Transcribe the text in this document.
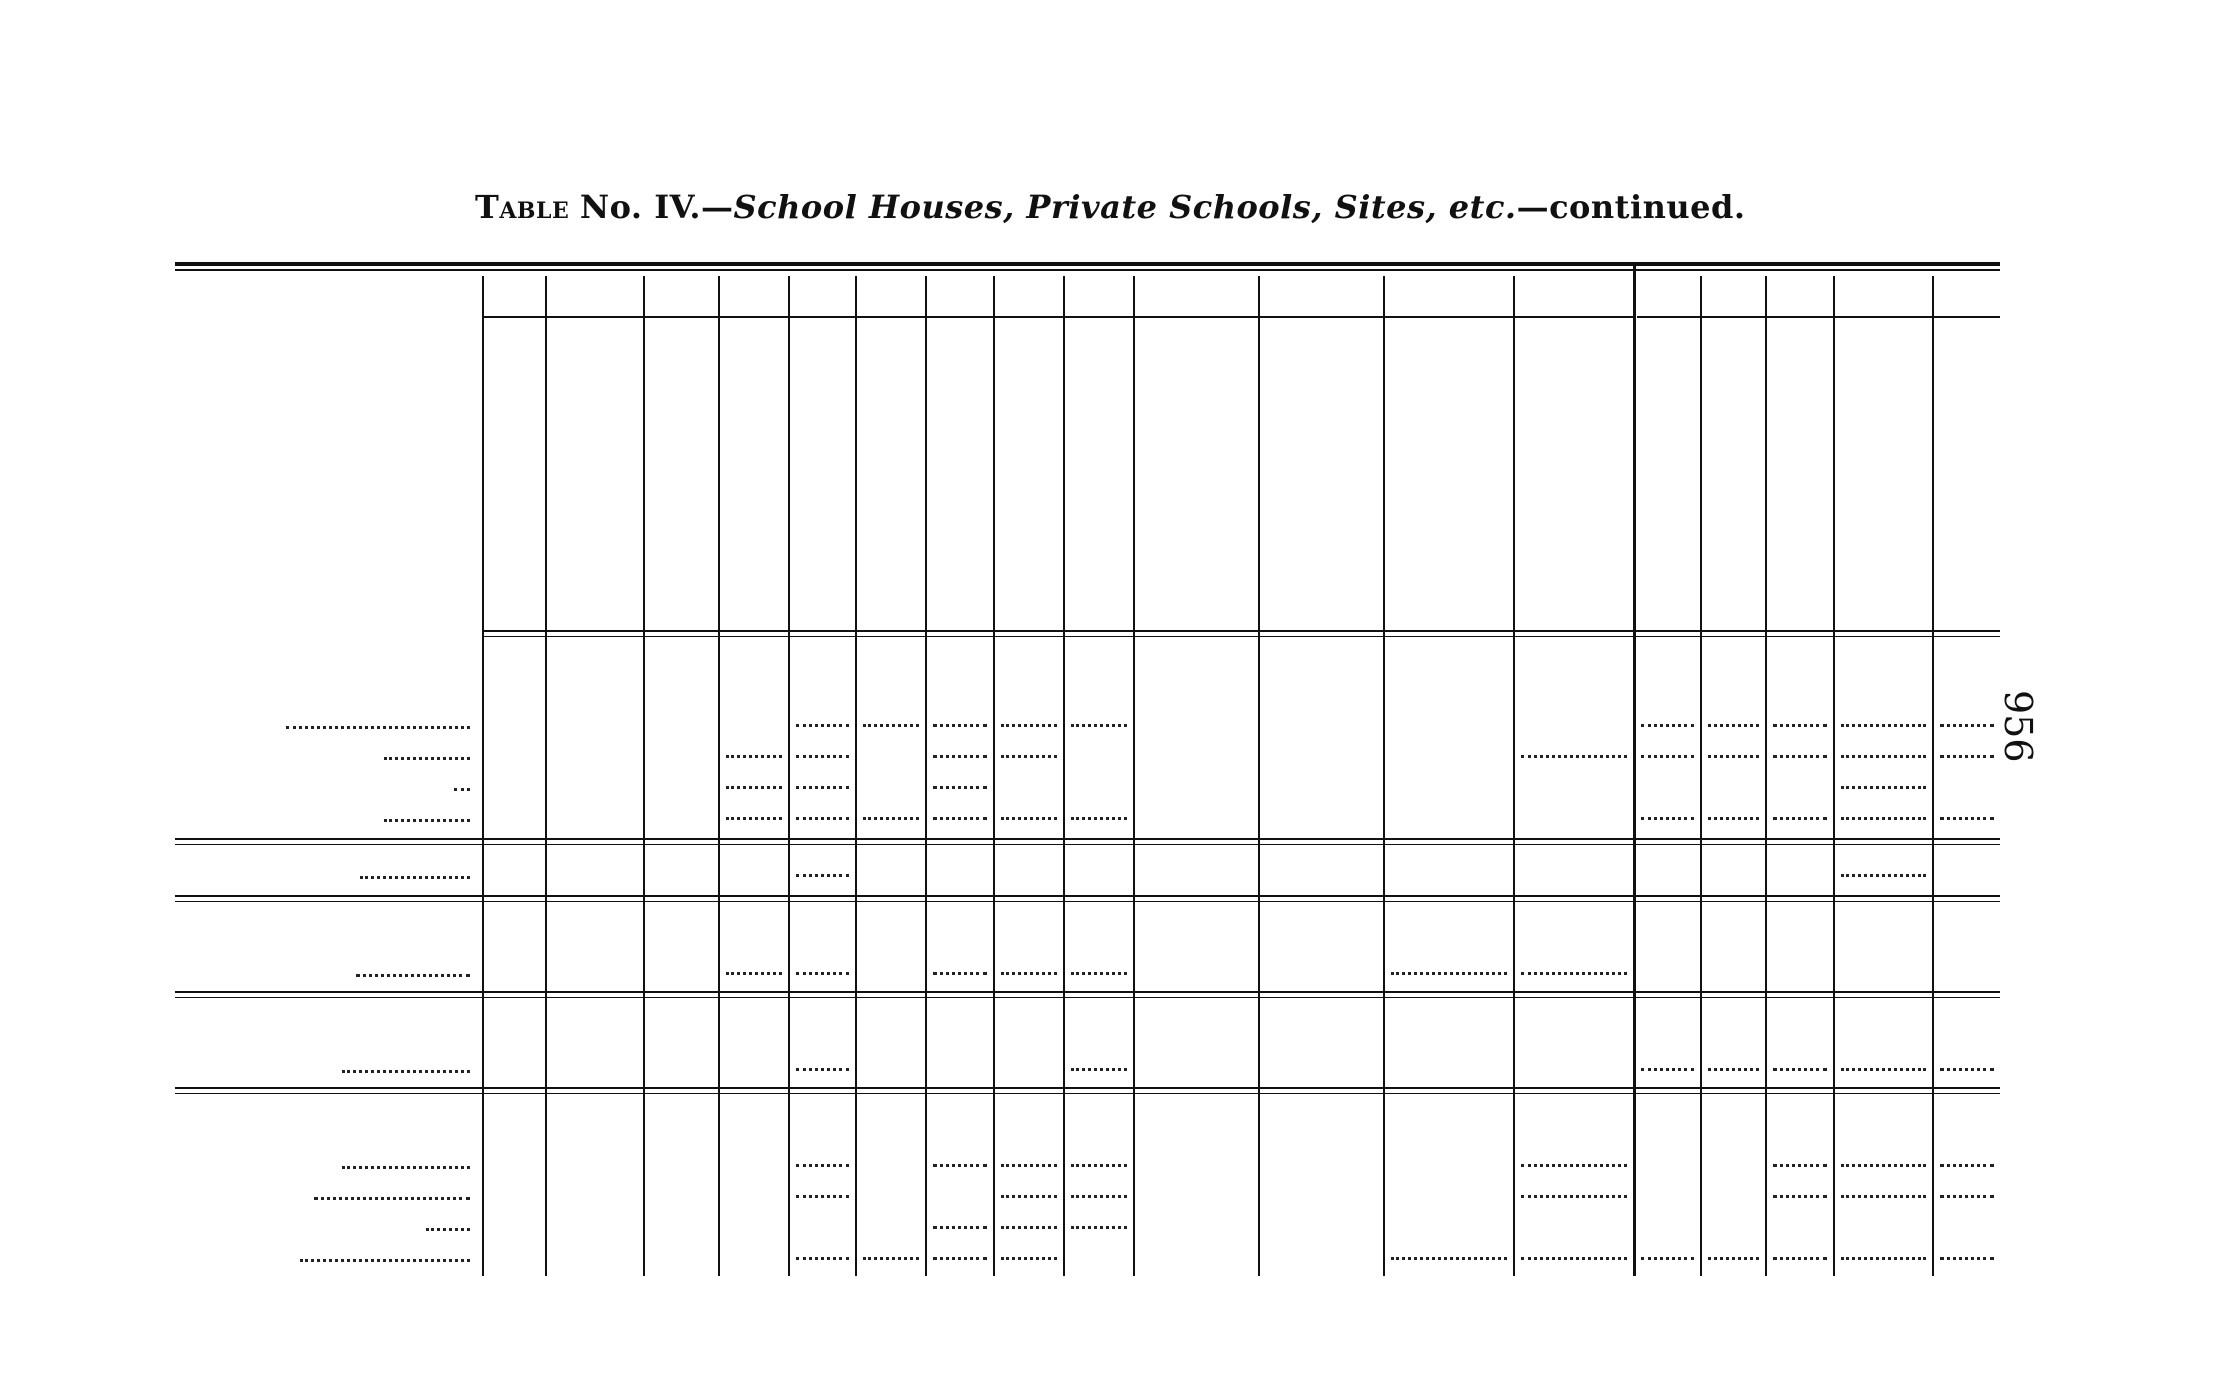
Table No. IV.—School Houses, Private Schools, Sites, etc.—continued.
956
